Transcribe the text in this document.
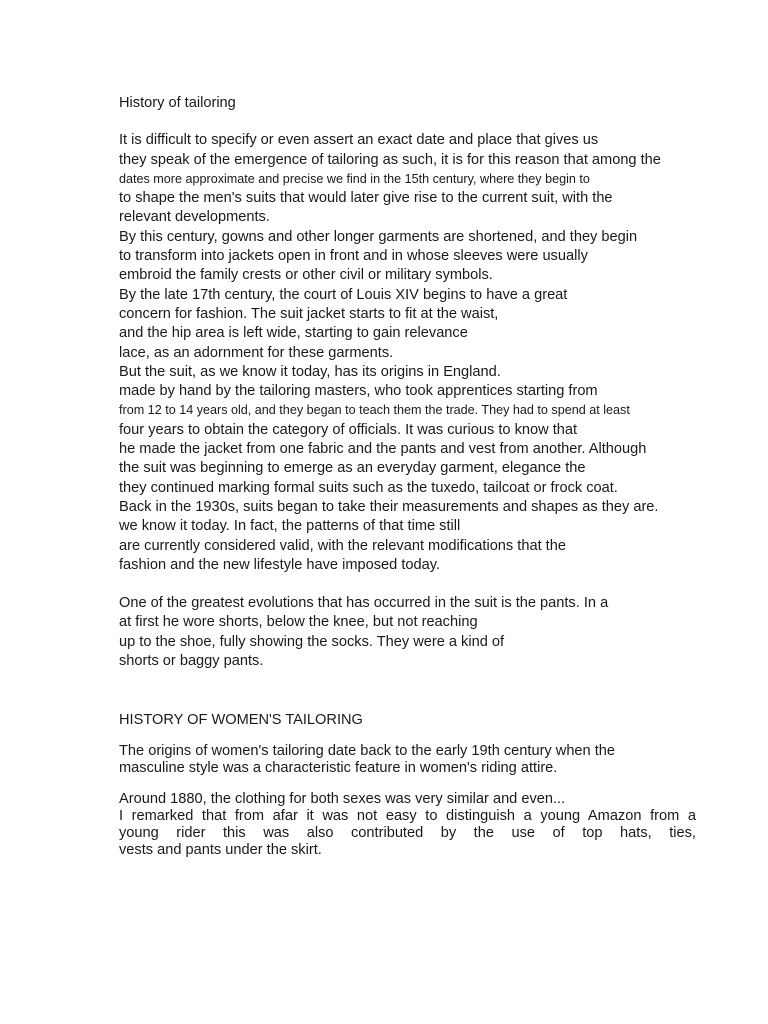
History of tailoring
It is difficult to specify or even assert an exact date and place that gives us
they speak of the emergence of tailoring as such, it is for this reason that among the
dates more approximate and precise we find in the 15th century, where they begin to
to shape the men's suits that would later give rise to the current suit, with the
relevant developments.
By this century, gowns and other longer garments are shortened, and they begin
to transform into jackets open in front and in whose sleeves were usually
embroid the family crests or other civil or military symbols.
By the late 17th century, the court of Louis XIV begins to have a great
concern for fashion. The suit jacket starts to fit at the waist,
and the hip area is left wide, starting to gain relevance
lace, as an adornment for these garments.
But the suit, as we know it today, has its origins in England.
made by hand by the tailoring masters, who took apprentices starting from
from 12 to 14 years old, and they began to teach them the trade. They had to spend at least
four years to obtain the category of officials. It was curious to know that
he made the jacket from one fabric and the pants and vest from another. Although
the suit was beginning to emerge as an everyday garment, elegance the
they continued marking formal suits such as the tuxedo, tailcoat or frock coat.
Back in the 1930s, suits began to take their measurements and shapes as they are.
we know it today. In fact, the patterns of that time still
are currently considered valid, with the relevant modifications that the
fashion and the new lifestyle have imposed today.
One of the greatest evolutions that has occurred in the suit is the pants. In a
at first he wore shorts, below the knee, but not reaching
up to the shoe, fully showing the socks. They were a kind of
shorts or baggy pants.
HISTORY OF WOMEN'S TAILORING
The origins of women's tailoring date back to the early 19th century when the
masculine style was a characteristic feature in women's riding attire.
Around 1880, the clothing for both sexes was very similar and even...
I remarked that from afar it was not easy to distinguish a young Amazon from a
young rider this was also contributed by the use of top hats, ties,
vests and pants under the skirt.
